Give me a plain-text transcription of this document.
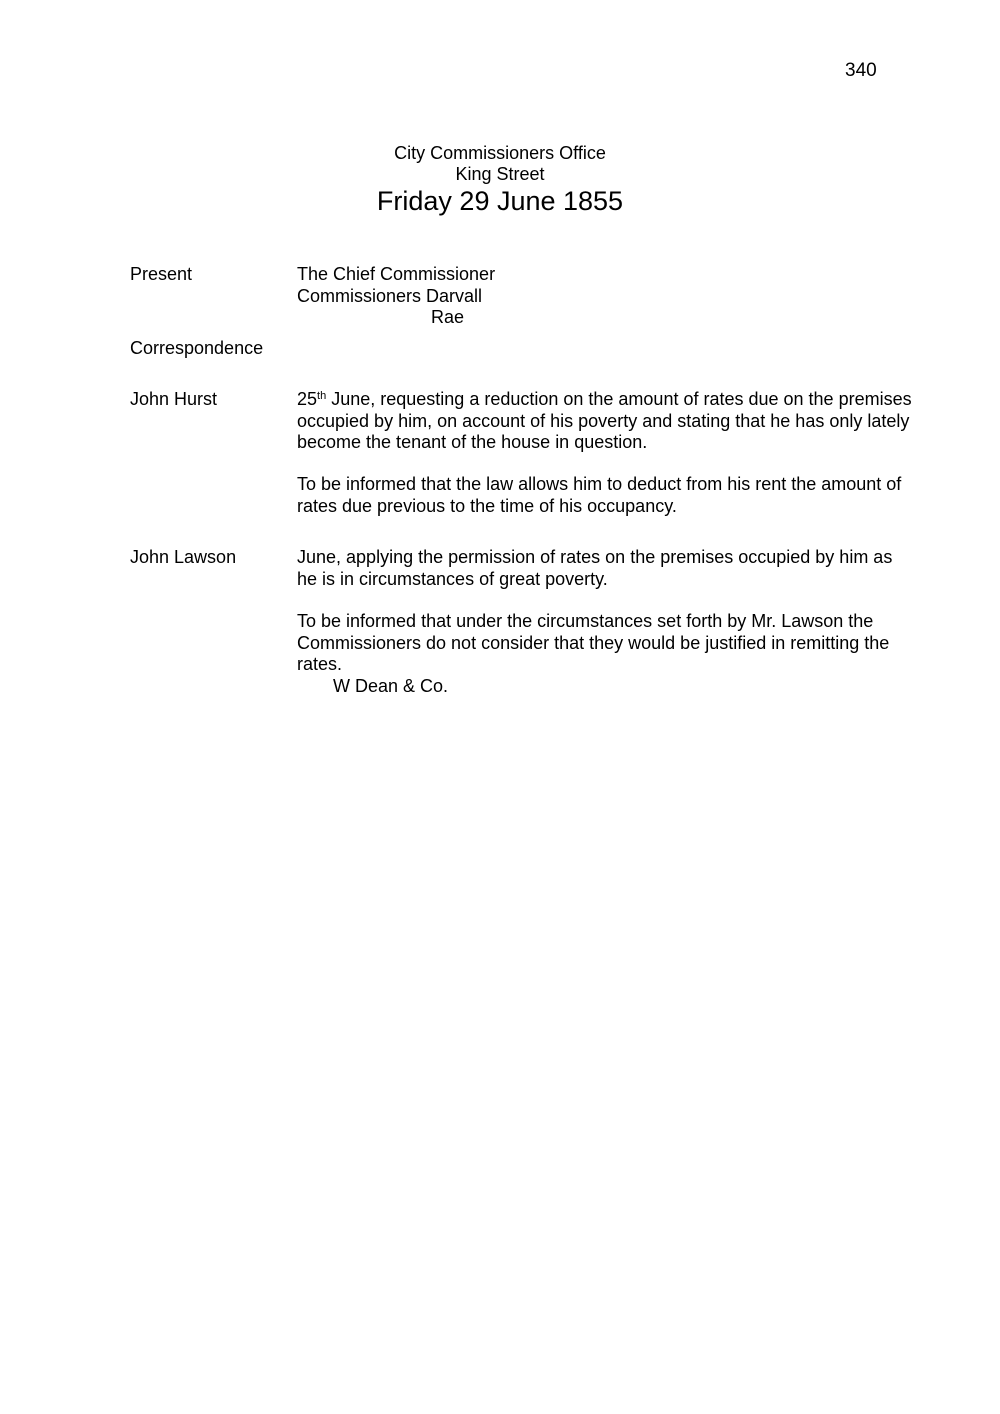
340
City Commissioners Office
King Street
Friday 29 June 1855
Present	The Chief Commissioner
Commissioners Darvall
Rae
Correspondence
John Hurst	25th June, requesting a reduction on the amount of rates due on the premises occupied by him, on account of his poverty and stating that he has only lately become the tenant of the house in question.

To be informed that the law allows him to deduct from his rent the amount of rates due previous to the time of his occupancy.

John Lawson	June, applying the permission of rates on the premises occupied by him as he is in circumstances of great poverty.

To be informed that under the circumstances set forth by Mr. Lawson the Commissioners do not consider that they would be justified in remitting the rates.

W Dean & Co.
